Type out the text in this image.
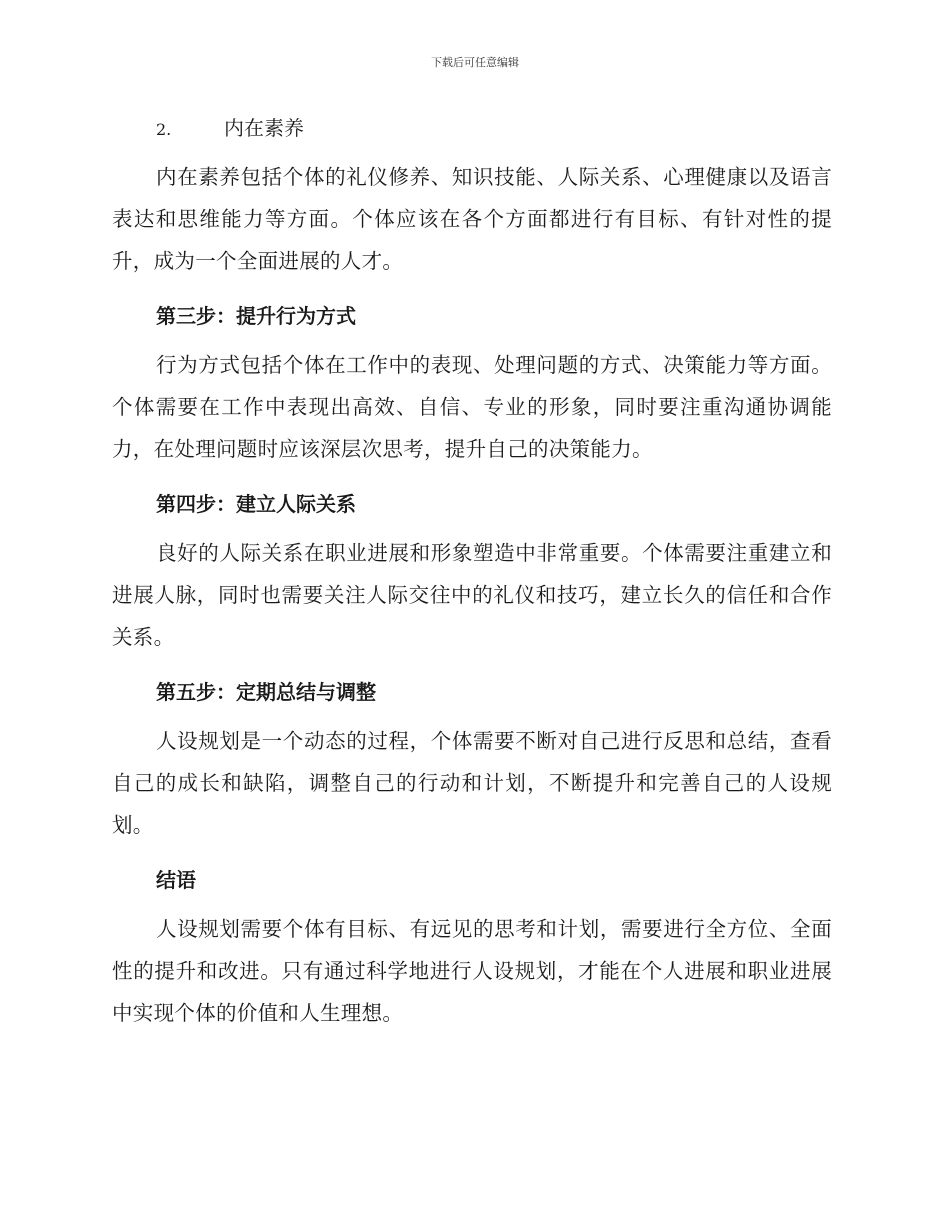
下载后可任意编辑
2.	内在素养

内在素养包括个体的礼仪修养、知识技能、人际关系、心理健康以及语言表达和思维能力等方面。个体应该在各个方面都进行有目标、有针对性的提升，成为一个全面进展的人才。

第三步：提升行为方式

行为方式包括个体在工作中的表现、处理问题的方式、决策能力等方面。个体需要在工作中表现出高效、自信、专业的形象，同时要注重沟通协调能力，在处理问题时应该深层次思考，提升自己的决策能力。

第四步：建立人际关系

良好的人际关系在职业进展和形象塑造中非常重要。个体需要注重建立和进展人脉，同时也需要关注人际交往中的礼仪和技巧，建立长久的信任和合作关系。

第五步：定期总结与调整

人设规划是一个动态的过程，个体需要不断对自己进行反思和总结，查看自己的成长和缺陷，调整自己的行动和计划，不断提升和完善自己的人设规划。

结语

人设规划需要个体有目标、有远见的思考和计划，需要进行全方位、全面性的提升和改进。只有通过科学地进行人设规划，才能在个人进展和职业进展中实现个体的价值和人生理想。
